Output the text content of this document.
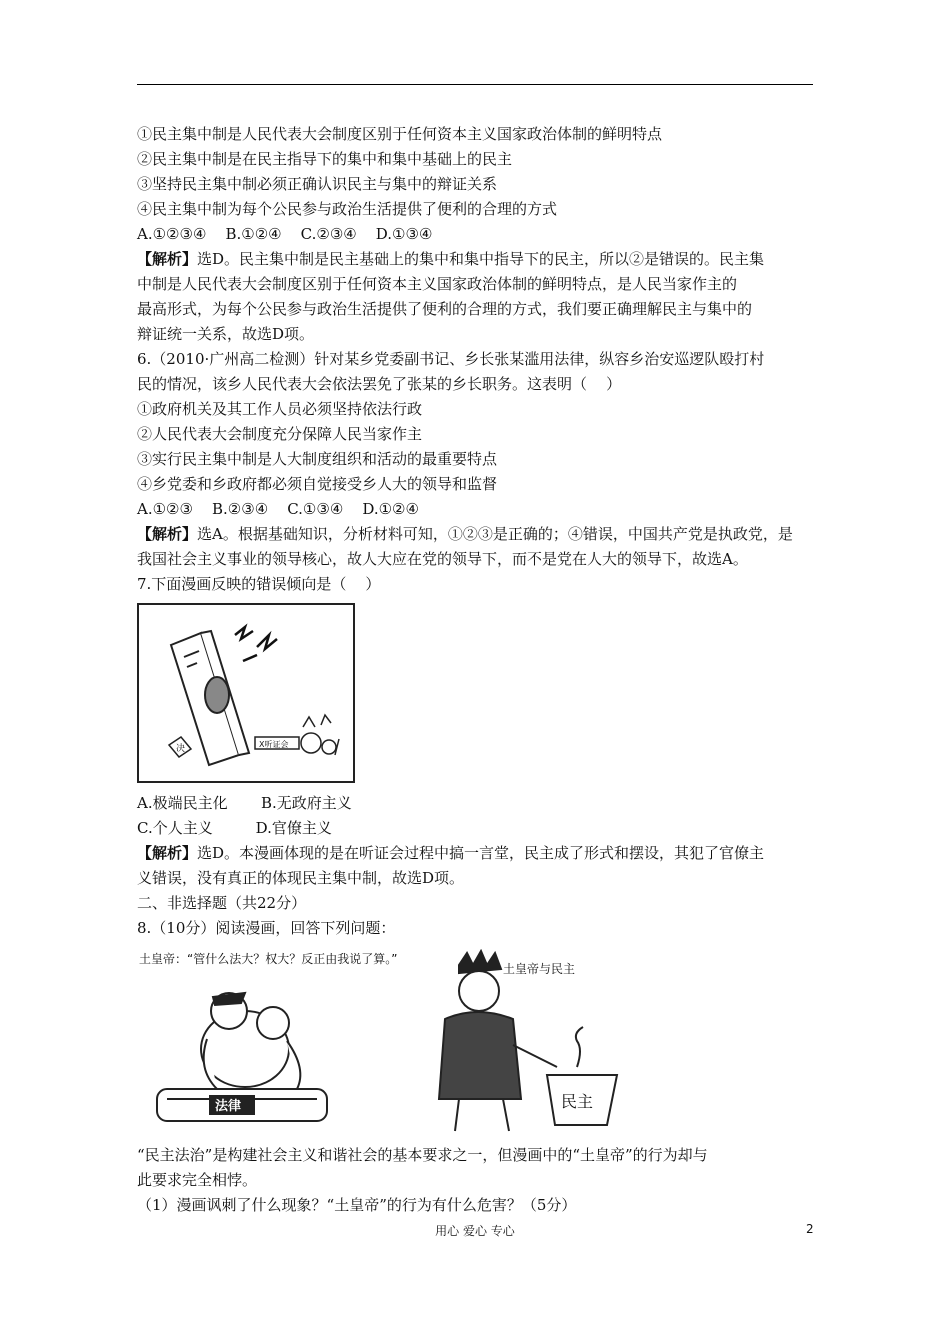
①民主集中制是人民代表大会制度区别于任何资本主义国家政治体制的鲜明特点
②民主集中制是在民主指导下的集中和集中基础上的民主
③坚持民主集中制必须正确认识民主与集中的辩证关系
④民主集中制为每个公民参与政治生活提供了便利的合理的方式
A.①②③④    B.①②④    C.②③④    D.①③④
【解析】选D。民主集中制是民主基础上的集中和集中指导下的民主，所以②是错误的。民主集
中制是人民代表大会制度区别于任何资本主义国家政治体制的鲜明特点，是人民当家作主的
最高形式，为每个公民参与政治生活提供了便利的合理的方式，我们要正确理解民主与集中的
辩证统一关系，故选D项。
6.（2010·广州高二检测）针对某乡党委副书记、乡长张某滥用法律，纵容乡治安巡逻队殴打村
民的情况，该乡人民代表大会依法罢免了张某的乡长职务。这表明（    ）
①政府机关及其工作人员必须坚持依法行政
②人民代表大会制度充分保障人民当家作主
③实行民主集中制是人大制度组织和活动的最重要特点
④乡党委和乡政府都必须自觉接受乡人大的领导和监督
A.①②③    B.②③④    C.①③④    D.①②④
【解析】选A。根据基础知识，分析材料可知，①②③是正确的；④错误，中国共产党是执政党，是
我国社会主义事业的领导核心，故人大应在党的领导下，而不是党在人大的领导下，故选A。
7.下面漫画反映的错误倾向是（    ）
决	X听证会
A.极端民主化       B.无政府主义
C.个人主义         D.官僚主义
【解析】选D。本漫画体现的是在听证会过程中搞一言堂，民主成了形式和摆设，其犯了官僚主
义错误，没有真正的体现民主集中制，故选D项。
二、非选择题（共22分）
8.（10分）阅读漫画，回答下列问题：
土皇帝：“管什么法大？权大？反正由我说了算。”
法律
土皇帝与民主
民主
“民主法治”是构建社会主义和谐社会的基本要求之一，但漫画中的“土皇帝”的行为却与
此要求完全相悖。
（1）漫画讽刺了什么现象？“土皇帝”的行为有什么危害？（5分）
用心 爱心 专心	2
